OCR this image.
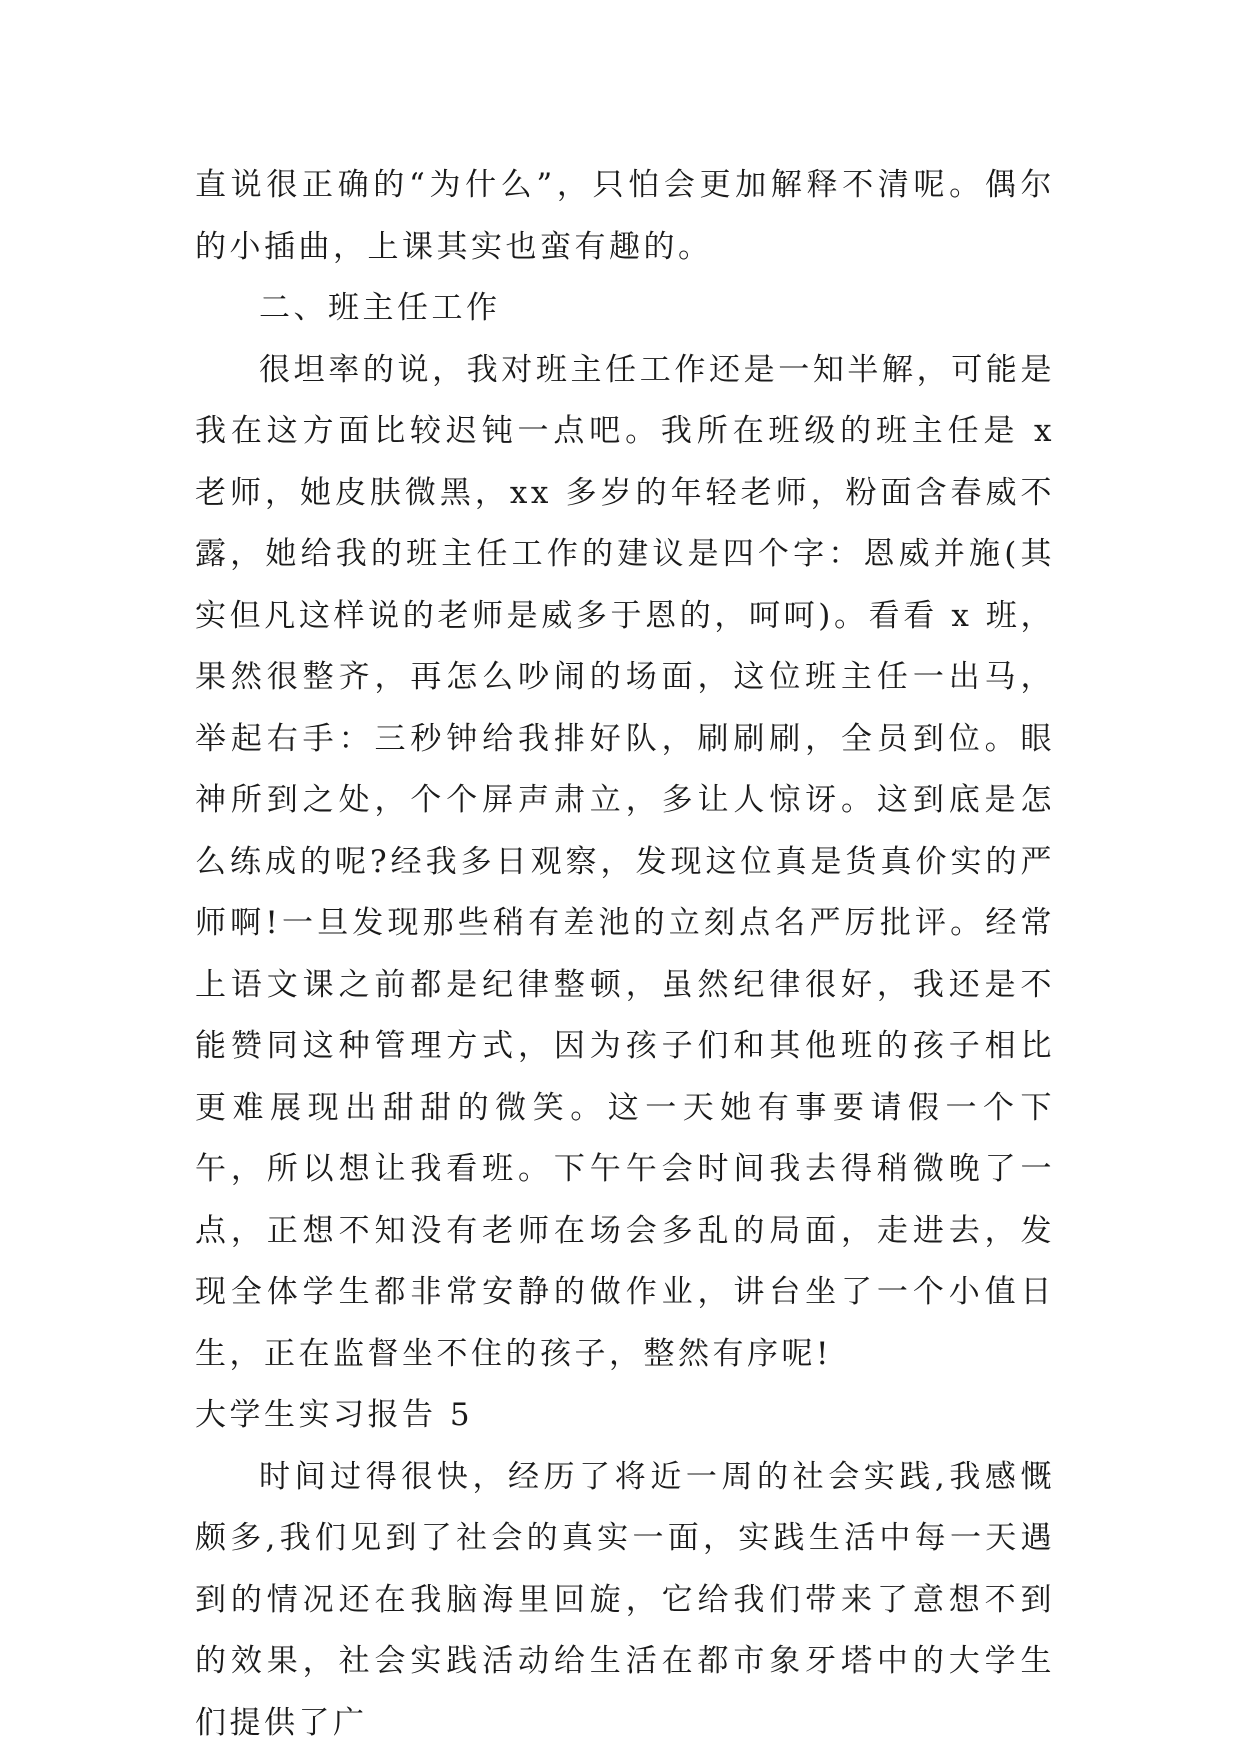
直说很正确的“为什么”，只怕会更加解释不清呢。偶尔的小插曲，上课其实也蛮有趣的。

二、班主任工作

很坦率的说，我对班主任工作还是一知半解，可能是我在这方面比较迟钝一点吧。我所在班级的班主任是 x 老师，她皮肤微黑，xx 多岁的年轻老师，粉面含春威不露，她给我的班主任工作的建议是四个字：恩威并施(其实但凡这样说的老师是威多于恩的，呵呵)。看看 x 班，果然很整齐，再怎么吵闹的场面，这位班主任一出马，举起右手：三秒钟给我排好队，刷刷刷，全员到位。眼神所到之处，个个屏声肃立，多让人惊讶。这到底是怎么练成的呢?经我多日观察，发现这位真是货真价实的严师啊!一旦发现那些稍有差池的立刻点名严厉批评。经常上语文课之前都是纪律整顿，虽然纪律很好，我还是不能赞同这种管理方式，因为孩子们和其他班的孩子相比更难展现出甜甜的微笑。这一天她有事要请假一个下午，所以想让我看班。下午午会时间我去得稍微晚了一点，正想不知没有老师在场会多乱的局面，走进去，发现全体学生都非常安静的做作业，讲台坐了一个小值日生，正在监督坐不住的孩子，整然有序呢!

大学生实习报告 5

时间过得很快，经历了将近一周的社会实践,我感慨颇多,我们见到了社会的真实一面，实践生活中每一天遇到的情况还在我脑海里回旋，它给我们带来了意想不到的效果，社会实践活动给生活在都市象牙塔中的大学生们提供了广
